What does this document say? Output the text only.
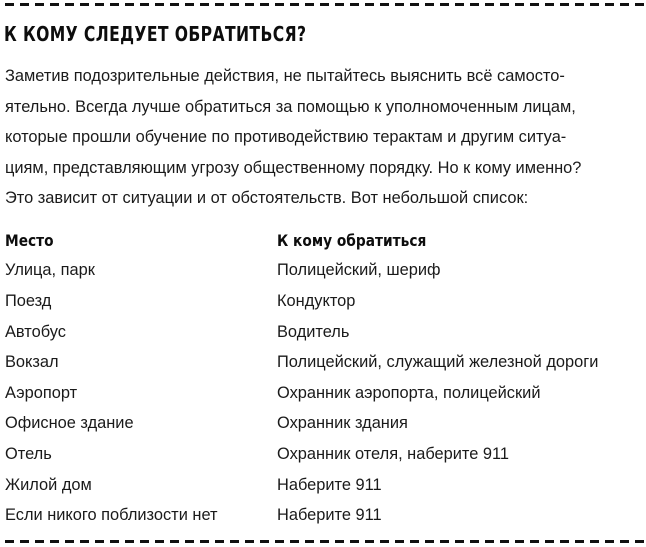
К КОМУ СЛЕДУЕТ ОБРАТИТЬСЯ?

Заметив подозрительные действия, не пытайтесь выяснить всё самосто-
ятельно. Всегда лучше обратиться за помощью к уполномоченным лицам,
которые прошли обучение по противодействию терактам и другим ситуа-
циям, представляющим угрозу общественному порядку. Но к кому именно?
Это зависит от ситуации и от обстоятельств. Вот небольшой список:

Место	К кому обратиться
Улица, парк	Полицейский, шериф
Поезд	Кондуктор
Автобус	Водитель
Вокзал	Полицейский, служащий железной дороги
Аэропорт	Охранник аэропорта, полицейский
Офисное здание	Охранник здания
Отель	Охранник отеля, наберите 911
Жилой дом	Наберите 911
Если никого поблизости нет	Наберите 911
